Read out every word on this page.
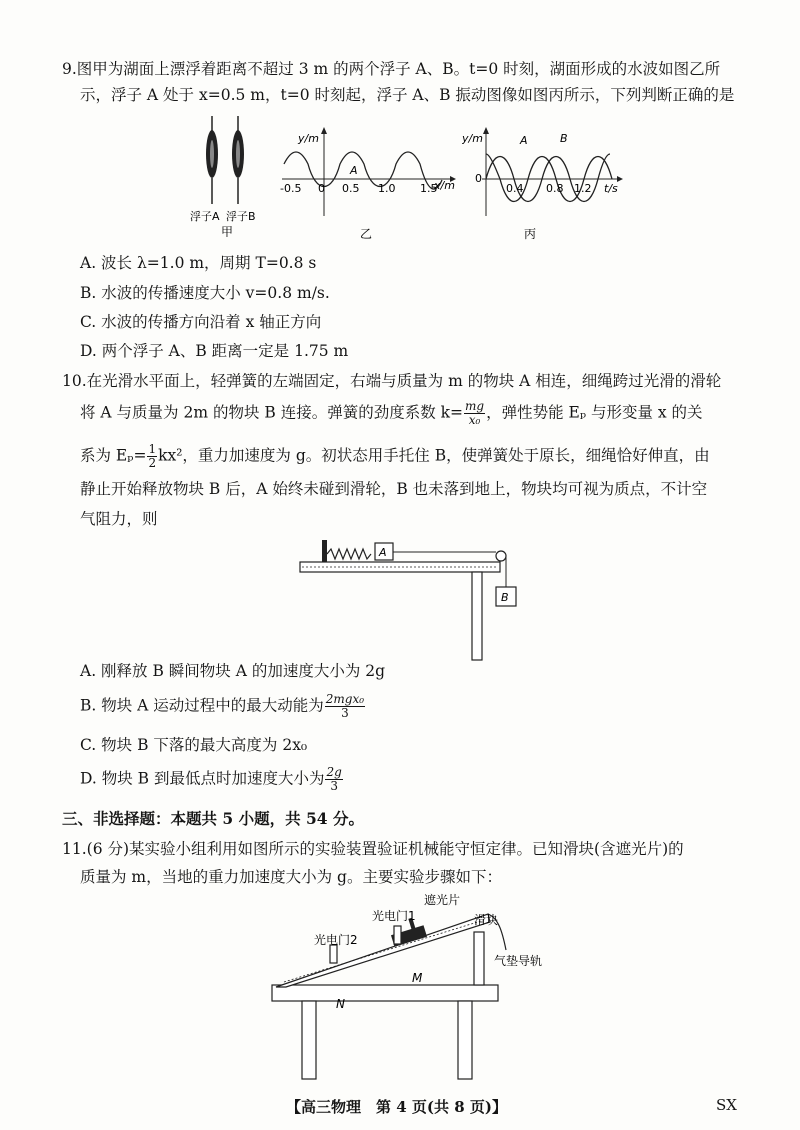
9.图甲为湖面上漂浮着距离不超过 3 m 的两个浮子 A、B。t=0 时刻，湖面形成的水波如图乙所
示，浮子 A 处于 x=0.5 m，t=0 时刻起，浮子 A、B 振动图像如图丙所示，下列判断正确的是
浮子A 浮子B
甲
y/m
-0.5 0 0.5 1.0 1.5
x/m
A
乙
y/m
0
0.4 0.8 1.2 t/s
A	B
丙
A. 波长 λ=1.0 m，周期 T=0.8 s
B. 水波的传播速度大小 v=0.8 m/s.
C. 水波的传播方向沿着 x 轴正方向
D. 两个浮子 A、B 距离一定是 1.75 m
10.在光滑水平面上，轻弹簧的左端固定，右端与质量为 m 的物块 A 相连，细绳跨过光滑的滑轮
将 A 与质量为 2m 的物块 B 连接。弹簧的劲度系数 $k= \frac{mg}{\text{x₀}}$ ，弹性势能 Eₚ 与形变量 x 的关
系为 $E_p= \frac{1}{2} kx^2$，重力加速度为 g。初状态用手托住 B，使弹簧处于原长，细绳恰好伸直，由
静止开始释放物块 B 后，A 始终未碰到滑轮，B 也未落到地上，物块均可视为质点，不计空
气阻力，则
A
B
A. 刚释放 B 瞬间物块 A 的加速度大小为 2g
B. 物块 A 运动过程中的最大动能为 $\frac{\text{2mgx₀}}{3}$
C. 物块 B 下落的最大高度为 2x₀
D. 物块 B 到最低点时加速度大小为 $\frac{2g}{3}$
三、非选择题：本题共 5 小题，共 54 分。
11.(6 分)某实验小组利用如图所示的实验装置验证机械能守恒定律。已知滑块(含遮光片)的
质量为 m，当地的重力加速度大小为 g。主要实验步骤如下：
光电门1
光电门2
遮光片
滑块
气垫导轨
M
N
【高三物理　第 4 页(共 8 页)】	SX
